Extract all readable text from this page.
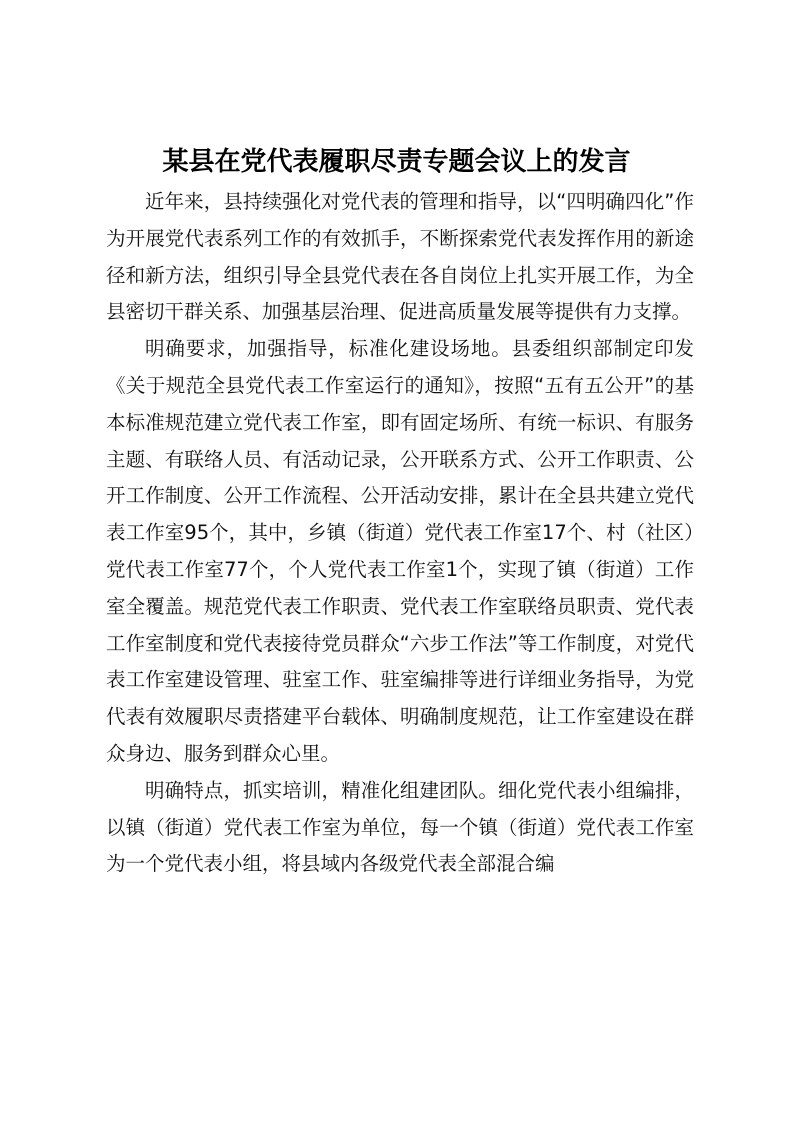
某县在党代表履职尽责专题会议上的发言

近年来，县持续强化对党代表的管理和指导，以“四明确四化”作为开展党代表系列工作的有效抓手，不断探索党代表发挥作用的新途径和新方法，组织引导全县党代表在各自岗位上扎实开展工作，为全县密切干群关系、加强基层治理、促进高质量发展等提供有力支撑。

明确要求，加强指导，标准化建设场地。县委组织部制定印发《关于规范全县党代表工作室运行的通知》，按照“五有五公开”的基本标准规范建立党代表工作室，即有固定场所、有统一标识、有服务主题、有联络人员、有活动记录，公开联系方式、公开工作职责、公开工作制度、公开工作流程、公开活动安排，累计在全县共建立党代表工作室95个，其中，乡镇（街道）党代表工作室17个、村（社区）党代表工作室77个，个人党代表工作室1个，实现了镇（街道）工作室全覆盖。规范党代表工作职责、党代表工作室联络员职责、党代表工作室制度和党代表接待党员群众“六步工作法”等工作制度，对党代表工作室建设管理、驻室工作、驻室编排等进行详细业务指导，为党代表有效履职尽责搭建平台载体、明确制度规范，让工作室建设在群众身边、服务到群众心里。

明确特点，抓实培训，精准化组建团队。细化党代表小组编排，以镇（街道）党代表工作室为单位，每一个镇（街道）党代表工作室为一个党代表小组，将县域内各级党代表全部混合编
